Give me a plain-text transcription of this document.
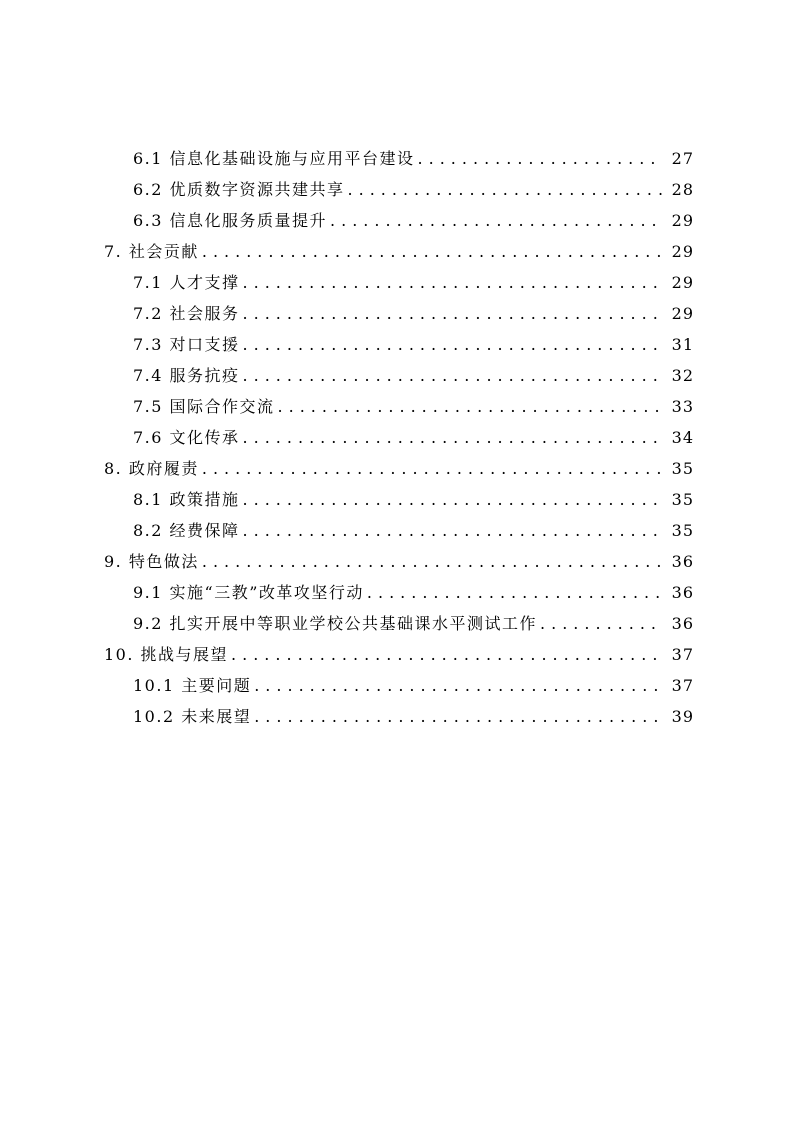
6.1 信息化基础设施与应用平台建设 .....	27
6.2 优质数字资源共建共享 .....	28
6.3 信息化服务质量提升 .....	29
7. 社会贡献 .....	29
7.1 人才支撑 .....	29
7.2 社会服务 .....	29
7.3 对口支援 .....	31
7.4 服务抗疫 .....	32
7.5 国际合作交流 .....	33
7.6 文化传承 .....	34
8. 政府履责 .....	35
8.1 政策措施 .....	35
8.2 经费保障 .....	35
9. 特色做法 .....	36
9.1 实施“三教”改革攻坚行动 .....	36
9.2 扎实开展中等职业学校公共基础课水平测试工作 .....	36
10. 挑战与展望 .....	37
10.1 主要问题 .....	37
10.2 未来展望 .....	39
